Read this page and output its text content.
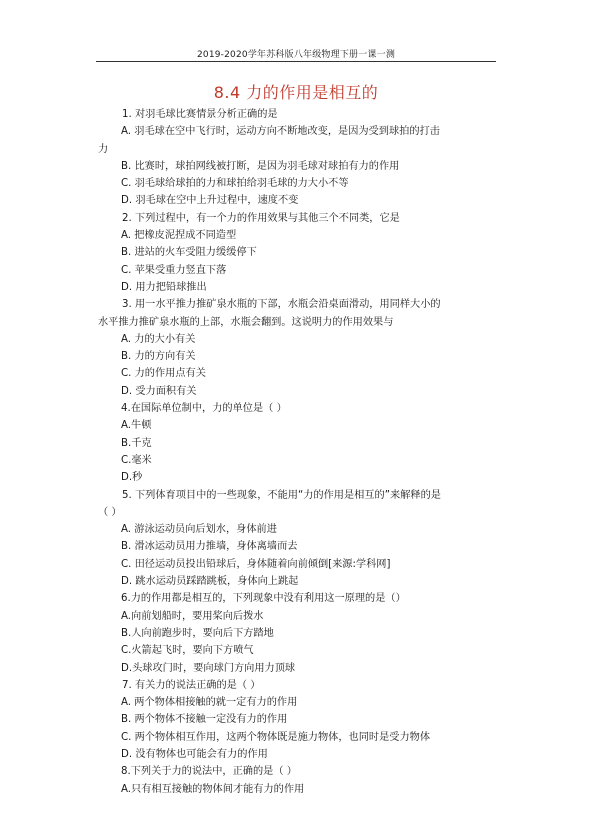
2019-2020学年苏科版八年级物理下册一课一测
8.4 力的作用是相互的
1. 对羽毛球比赛情景分析正确的是
A. 羽毛球在空中飞行时，运动方向不断地改变，是因为受到球拍的打击
力
B. 比赛时，球拍网线被打断，是因为羽毛球对球拍有力的作用
C. 羽毛球给球拍的力和球拍给羽毛球的力大小不等
D. 羽毛球在空中上升过程中，速度不变
2. 下列过程中，有一个力的作用效果与其他三个不同类，它是
A. 把橡皮泥捏成不同造型
B. 进站的火车受阻力缓缓停下
C. 苹果受重力竖直下落
D. 用力把铅球推出
3. 用一水平推力推矿泉水瓶的下部，水瓶会沿桌面滑动，用同样大小的
水平推力推矿泉水瓶的上部，水瓶会翻到。这说明力的作用效果与
A. 力的大小有关
B. 力的方向有关
C. 力的作用点有关
D. 受力面积有关
4.在国际单位制中，力的单位是（ ）
A.牛顿
B.千克
C.毫米
D.秒
5. 下列体育项目中的一些现象，不能用“力的作用是相互的”来解释的是
（ ）
A. 游泳运动员向后划水，身体前进
B. 滑冰运动员用力推墙，身体离墙而去
C. 田径运动员投出铅球后，身体随着向前倾倒[来源:学科网]
D. 跳水运动员踩踏跳板，身体向上跳起
6.力的作用都是相互的，下列现象中没有利用这一原理的是（）
A.向前划船时，要用桨向后拨水
B.人向前跑步时，要向后下方踏地
C.火箭起飞时，要向下方喷气
D.头球攻门时，要向球门方向用力顶球
7. 有关力的说法正确的是（ ）
A. 两个物体相接触的就一定有力的作用
B. 两个物体不接触一定没有力的作用
C. 两个物体相互作用，这两个物体既是施力物体，也同时是受力物体
D. 没有物体也可能会有力的作用
8.下列关于力的说法中，正确的是（ ）
A.只有相互接触的物体间才能有力的作用
